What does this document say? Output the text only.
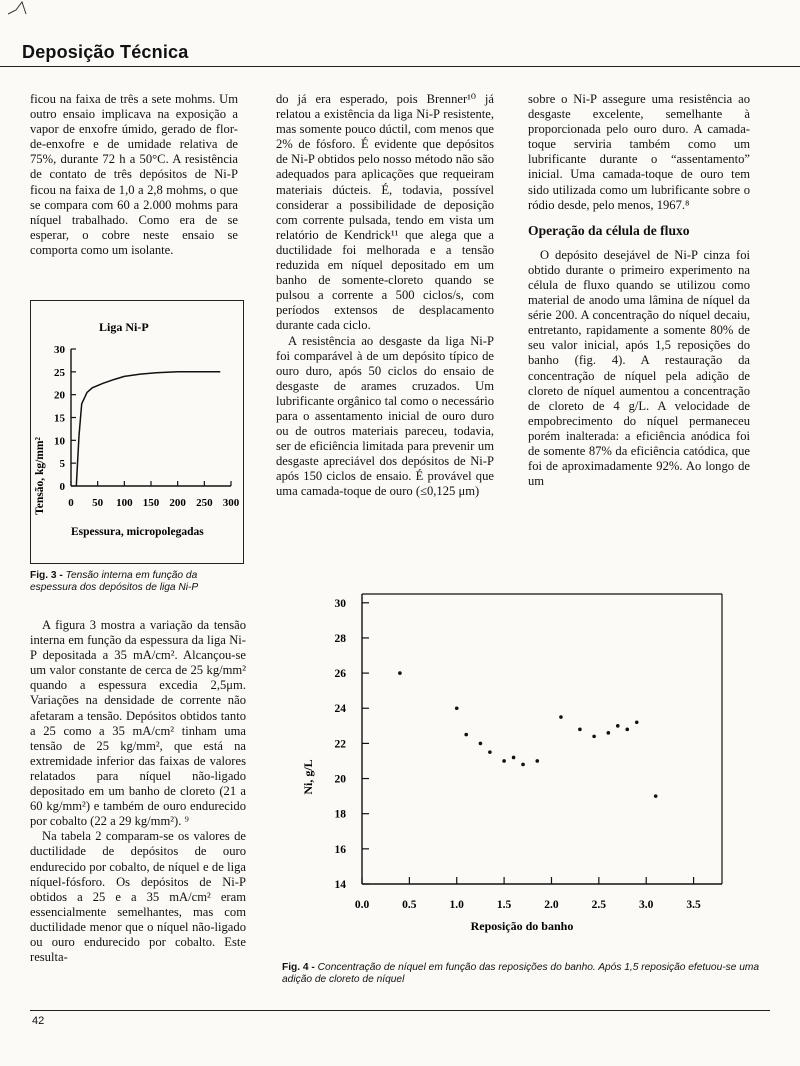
Deposição Técnica

ficou na faixa de três a sete mohms. Um outro ensaio implicava na exposição a vapor de enxofre úmido, gerado de flor-de-enxofre e de umidade relativa de 75%, durante 72 h a 50°C. A resistência de contato de três depósitos de Ni-P ficou na faixa de 1,0 a 2,8 mohms, o que se compara com 60 a 2.000 mohms para níquel trabalhado. Como era de se esperar, o cobre neste ensaio se comporta como um isolante.

0 50 100 150 200 250 300
0
5
10
15
20
25
30
Liga Ni-P
Espessura, micropolegadas
Tensão, kg/mm²
Fig. 3 - Tensão interna em função da espessura dos depósitos de liga Ni-P

A figura 3 mostra a variação da tensão interna em função da espessura da liga Ni-P depositada a 35 mA/cm². Alcançou-se um valor constante de cerca de 25 kg/mm² quando a espessura excedia 2,5μm. Variações na densidade de corrente não afetaram a tensão. Depósitos obtidos tanto a 25 como a 35 mA/cm² tinham uma tensão de 25 kg/mm², que está na extremidade inferior das faixas de valores relatados para níquel não-ligado depositado em um banho de cloreto (21 a 60 kg/mm²) e também de ouro endurecido por cobalto (22 a 29 kg/mm²). ⁹

Na tabela 2 comparam-se os valores de ductilidade de depósitos de ouro endurecido por cobalto, de níquel e de liga níquel-fósforo. Os depósitos de Ni-P obtidos a 25 e a 35 mA/cm² eram essencialmente semelhantes, mas com ductilidade menor que o níquel não-ligado ou ouro endurecido por cobalto. Este resulta-

do já era esperado, pois Brenner¹⁰ já relatou a existência da liga Ni-P resistente, mas somente pouco dúctil, com menos que 2% de fósforo. É evidente que depósitos de Ni-P obtidos pelo nosso método não são adequados para aplicações que requeiram materiais dúcteis. É, todavia, possível considerar a possibilidade de deposição com corrente pulsada, tendo em vista um relatório de Kendrick¹¹ que alega que a ductilidade foi melhorada e a tensão reduzida em níquel depositado em um banho de somente-cloreto quando se pulsou a corrente a 500 ciclos/s, com períodos extensos de desplacamento durante cada ciclo.

A resistência ao desgaste da liga Ni-P foi comparável à de um depósito típico de ouro duro, após 50 ciclos do ensaio de desgaste de arames cruzados. Um lubrificante orgânico tal como o necessário para o assentamento inicial de ouro duro ou de outros materiais pareceu, todavia, ser de eficiência limitada para prevenir um desgaste apreciável dos depósitos de Ni-P após 150 ciclos de ensaio. É provável que uma camada-toque de ouro (≤0,125 μm)

sobre o Ni-P assegure uma resistência ao desgaste excelente, semelhante à proporcionada pelo ouro duro. A camada-toque serviria também como um lubrificante durante o “assentamento” inicial. Uma camada-toque de ouro tem sido utilizada como um lubrificante sobre o ródio desde, pelo menos, 1967.⁸

Operação da célula de fluxo

O depósito desejável de Ni-P cinza foi obtido durante o primeiro experimento na célula de fluxo quando se utilizou como material de anodo uma lâmina de níquel da série 200. A concentração do níquel decaiu, entretanto, rapidamente a somente 80% de seu valor inicial, após 1,5 reposições do banho (fig. 4). A restauração da concentração de níquel pela adição de cloreto de níquel aumentou a concentração de cloreto de 4 g/L. A velocidade de empobrecimento do níquel permaneceu porém inalterada: a eficiência anódica foi de somente 87% da eficiência catódica, que foi de aproximadamente 92%. Ao longo de um

0.0	0.5	1.0	1.5	2.0	2.5	3.0	3.5
14
16
18
20
22
24
26
28
30
Reposição do banho
Ni, g/L
Fig. 4 - Concentração de níquel em função das reposições do banho. Após 1,5 reposição efetuou-se uma adição de cloreto de níquel
42
